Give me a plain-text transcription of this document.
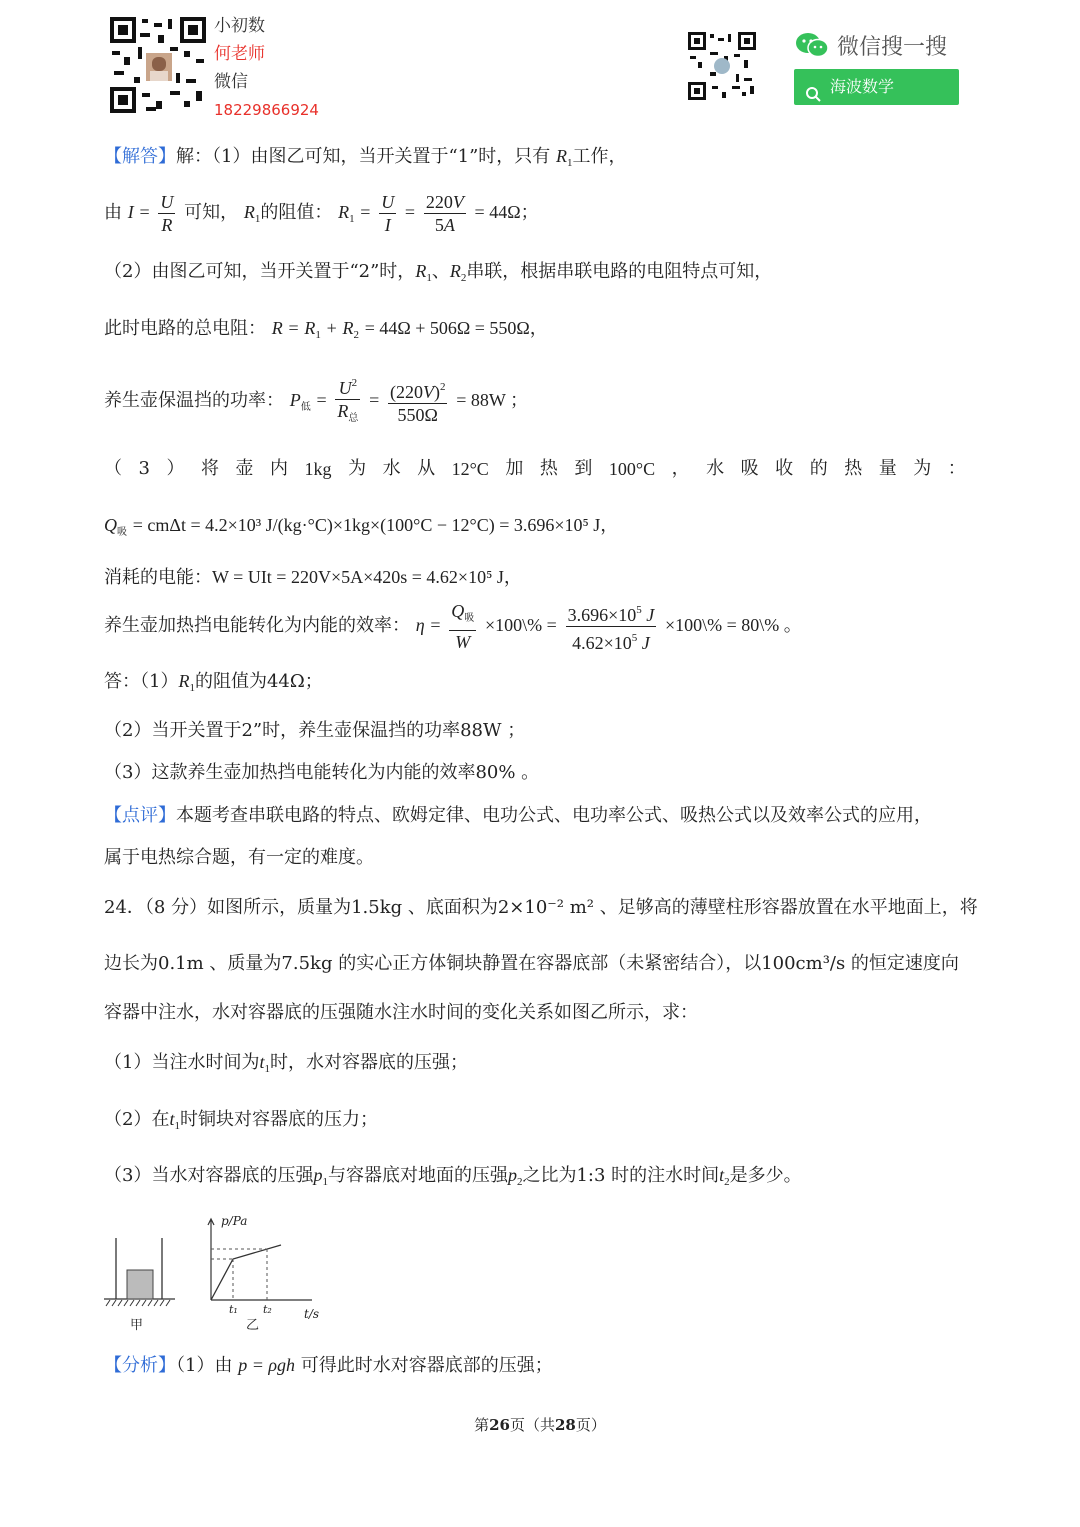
小初数
何老师
微信
18229866924
微信搜一搜
海波数学
【解答】解：（1）由图乙可知，当开关置于“1”时，只有 $R_1$工作，
由 $I = \frac{U}{R}$ 可知， $R_1$的阻值： $R_1 = \frac{U}{I} = \frac{220V}{5A} = 44\Omega$；
（2）由图乙可知，当开关置于“2”时，$R_1$、$R_2$串联，根据串联电路的电阻特点可知，
此时电路的总电阻： $R = R_1 + R_2 = 44\Omega + 506\Omega = 550\Omega$，
养生壶保温挡的功率： $P_低 = \frac{U^2}{R_总} = \frac{(220V)^2}{550\Omega} = 88W$ ；
（ 3 ） 将 壶 内 1kg 为 水 从 12°C 加 热 到 100°C ， 水 吸 收 的 热 量 为 ：
$Q_吸 = cm\Delta t = 4.2\times 10^3$ J/(kg·°C)×1kg×(100°C − 12°C) = 3.696×10⁵ J，
消耗的电能：W = UIt = 220V×5A×420s = 4.62×10⁵ J，
养生壶加热挡电能转化为内能的效率： $\eta = \frac{Q_吸}{W}$ ×100\% = $\frac{3.696\times 10^5 J}{4.62\times 10^5 J}$ ×100\% = 80\% 。
答：$(1)R_1$的阻值为44Ω；
（2）当开关置于2”时，养生壶保温挡的功率88W ；
（3）这款养生壶加热挡电能转化为内能的效率80% 。
【点评】本题考查串联电路的特点、欧姆定律、电功公式、电功率公式、吸热公式以及效率公式的应用，
属于电热综合题，有一定的难度。
24．（8 分）如图所示，质量为1.5kg 、底面积为2×10⁻² m² 、足够高的薄壁柱形容器放置在水平地面上，将
边长为0.1m 、质量为7.5kg 的实心正方体铜块静置在容器底部（未紧密结合），以100cm³/s 的恒定速度向
容器中注水，水对容器底的压强随水注水时间的变化关系如图乙所示，求：
（1）当注水时间为$t_1$时，水对容器底的压强；
（2）在$t_1$时铜块对容器底的压力；
（3）当水对容器底的压强$p_1$与容器底对地面的压强$p_2$之比为1:3 时的注水时间$t_2$是多少。
p/Pa
t₁ t₂	t/s
甲	乙
【分析】（1）由 p = ρgh 可得此时水对容器底部的压强；
第26页（共28页）
